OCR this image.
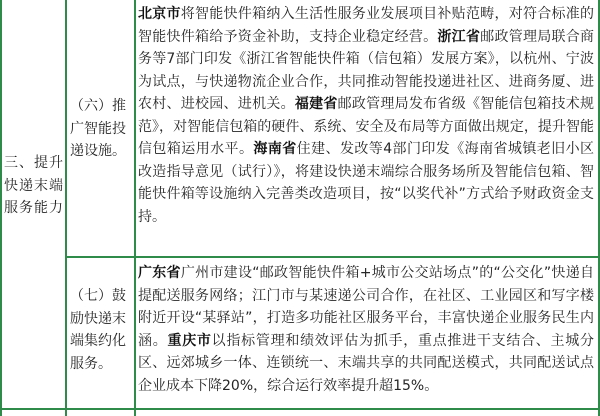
三、提升快递末端服务能力
（六）推广智能投递设施。
北京市将智能快件箱纳入生活性服务业发展项目补贴范畴，对符合标准的智能快件箱给予资金补助，支持企业稳定经营。浙江省邮政管理局联合商务等7部门印发《浙江省智能快件箱（信包箱）发展方案》，以杭州、宁波为试点，与快递物流企业合作，共同推动智能投递进社区、进商务厦、进农村、进校园、进机关。福建省邮政管理局发布省级《智能信包箱技术规范》，对智能信包箱的硬件、系统、安全及布局等方面做出规定，提升智能信包箱运用水平。海南省住建、发改等4部门印发《海南省城镇老旧小区改造指导意见（试行）》，将建设快递末端综合服务场所及智能信包箱、智能快件箱等设施纳入完善类改造项目，按“以奖代补”方式给予财政资金支持。
（七）鼓励快递末端集约化服务。
广东省广州市建设“邮政智能快件箱+城市公交站场点”的“公交化”快递自提配送服务网络；江门市与某速递公司合作，在社区、工业园区和写字楼附近开设“某驿站”，打造多功能社区服务平台，丰富快递企业服务民生内涵。重庆市以指标管理和绩效评估为抓手，重点推进干支结合、主城分区、远郊城乡一体、连锁统一、末端共享的共同配送模式，共同配送试点企业成本下降20%，综合运行效率提升超15%。
